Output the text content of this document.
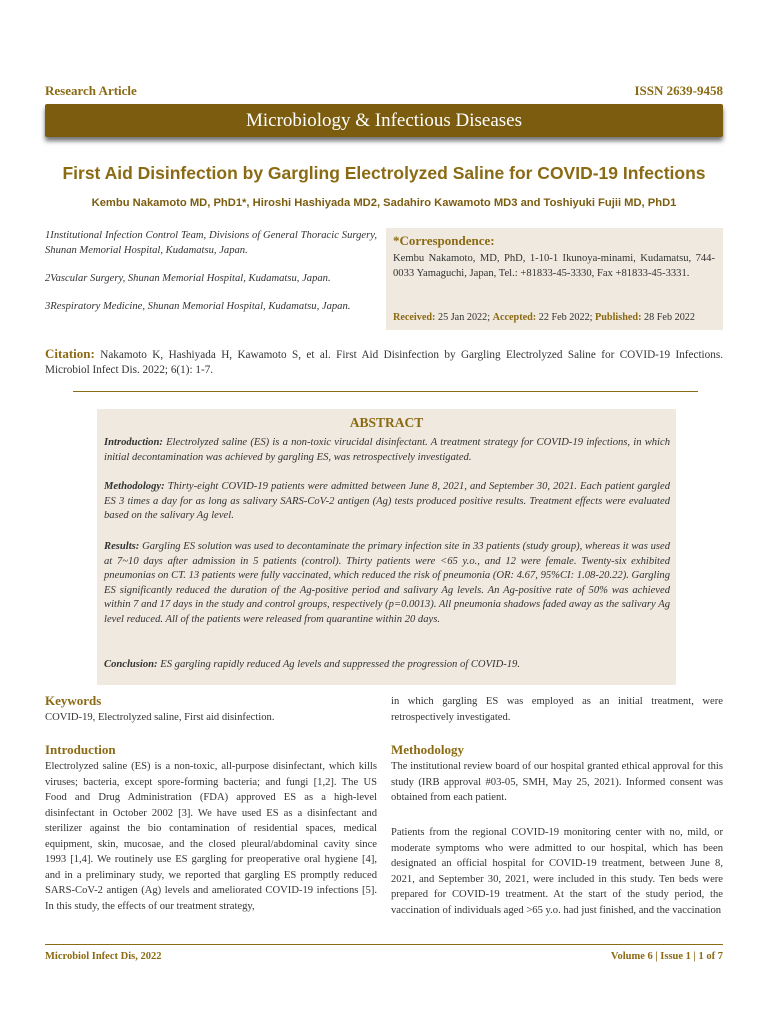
Research Article	ISSN 2639-9458
Microbiology & Infectious Diseases
First Aid Disinfection by Gargling Electrolyzed Saline for COVID-19 Infections
Kembu Nakamoto MD, PhD1*, Hiroshi Hashiyada MD2, Sadahiro Kawamoto MD3 and Toshiyuki Fujii MD, PhD1
1Institutional Infection Control Team, Divisions of General Thoracic Surgery, Shunan Memorial Hospital, Kudamatsu, Japan.
2Vascular Surgery, Shunan Memorial Hospital, Kudamatsu, Japan.
3Respiratory Medicine, Shunan Memorial Hospital, Kudamatsu, Japan.
*Correspondence:
Kembu Nakamoto, MD, PhD, 1-10-1 Ikunoya-minami, Kudamatsu, 744-0033 Yamaguchi, Japan, Tel.: +81833-45-3330, Fax +81833-45-3331.
Received: 25 Jan 2022; Accepted: 22 Feb 2022; Published: 28 Feb 2022
Citation: Nakamoto K, Hashiyada H, Kawamoto S, et al. First Aid Disinfection by Gargling Electrolyzed Saline for COVID-19 Infections. Microbiol Infect Dis. 2022; 6(1): 1-7.
ABSTRACT
Introduction: Electrolyzed saline (ES) is a non-toxic virucidal disinfectant. A treatment strategy for COVID-19 infections, in which initial decontamination was achieved by gargling ES, was retrospectively investigated.
Methodology: Thirty-eight COVID-19 patients were admitted between June 8, 2021, and September 30, 2021. Each patient gargled ES 3 times a day for as long as salivary SARS-CoV-2 antigen (Ag) tests produced positive results. Treatment effects were evaluated based on the salivary Ag level.
Results: Gargling ES solution was used to decontaminate the primary infection site in 33 patients (study group), whereas it was used at 7~10 days after admission in 5 patients (control). Thirty patients were <65 y.o., and 12 were female. Twenty-six exhibited pneumonias on CT. 13 patients were fully vaccinated, which reduced the risk of pneumonia (OR: 4.67, 95%CI: 1.08-20.22). Gargling ES significantly reduced the duration of the Ag-positive period and salivary Ag levels. An Ag-positive rate of 50% was achieved within 7 and 17 days in the study and control groups, respectively (p=0.0013). All pneumonia shadows faded away as the salivary Ag level reduced. All of the patients were released from quarantine within 20 days.
Conclusion: ES gargling rapidly reduced Ag levels and suppressed the progression of COVID-19.
Keywords
COVID-19, Electrolyzed saline, First aid disinfection.
Introduction
Electrolyzed saline (ES) is a non-toxic, all-purpose disinfectant, which kills viruses; bacteria, except spore-forming bacteria; and fungi [1,2]. The US Food and Drug Administration (FDA) approved ES as a high-level disinfectant in October 2002 [3]. We have used ES as a disinfectant and sterilizer against the bio contamination of residential spaces, medical equipment, skin, mucosae, and the closed pleural/abdominal cavity since 1993 [1,4]. We routinely use ES gargling for preoperative oral hygiene [4], and in a preliminary study, we reported that gargling ES promptly reduced SARS-CoV-2 antigen (Ag) levels and ameliorated COVID-19 infections [5]. In this study, the effects of our treatment strategy,
in which gargling ES was employed as an initial treatment, were retrospectively investigated.
Methodology
The institutional review board of our hospital granted ethical approval for this study (IRB approval #03-05, SMH, May 25, 2021). Informed consent was obtained from each patient.
Patients from the regional COVID-19 monitoring center with no, mild, or moderate symptoms who were admitted to our hospital, which has been designated an official hospital for COVID-19 treatment, between June 8, 2021, and September 30, 2021, were included in this study. Ten beds were prepared for COVID-19 treatment. At the start of the study period, the vaccination of individuals aged >65 y.o. had just finished, and the vaccination
Microbiol Infect Dis, 2022	Volume 6 | Issue 1 | 1 of 7
